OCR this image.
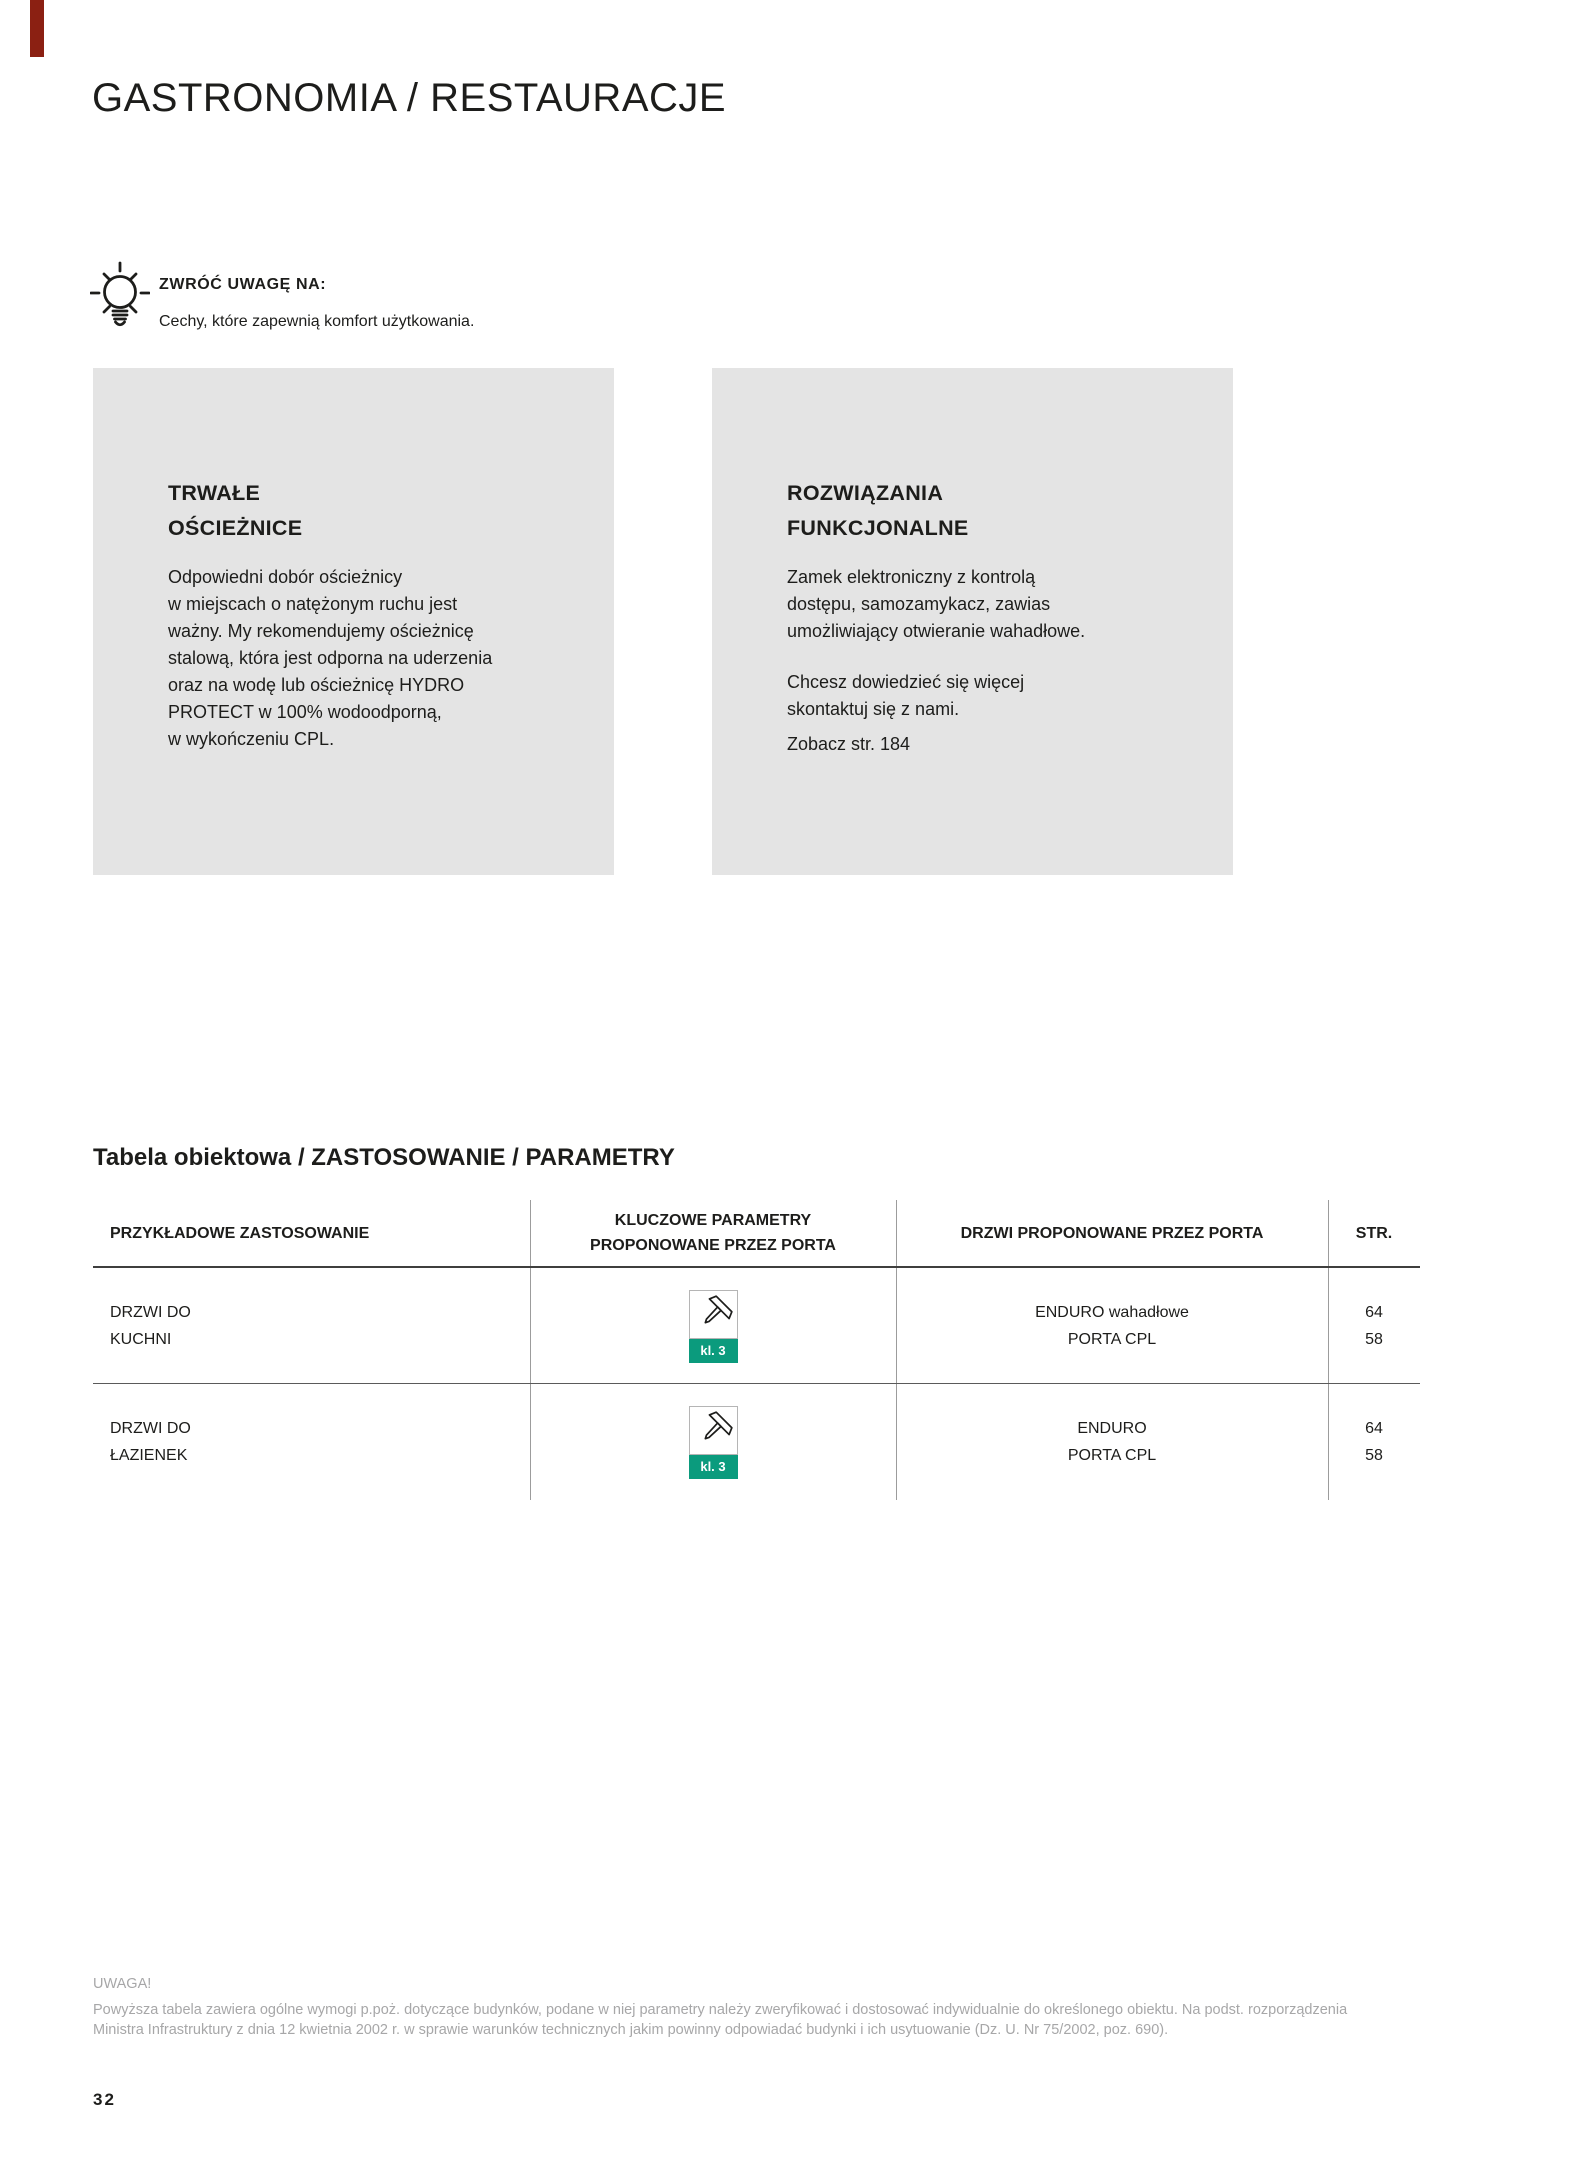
GASTRONOMIA / RESTAURACJE
ZWRÓĆ UWAGĘ NA:
Cechy, które zapewnią komfort użytkowania.
TRWAŁE
OŚCIEŻNICE

Odpowiedni dobór ościeżnicy
w miejscach o natężonym ruchu jest
ważny. My rekomendujemy ościeżnicę
stalową, która jest odporna na uderzenia
oraz na wodę lub ościeżnicę HYDRO
PROTECT w 100% wodoodporną,
w wykończeniu CPL.

ROZWIĄZANIA
FUNKCJONALNE

Zamek elektroniczny z kontrolą
dostępu, samozamykacz, zawias
umożliwiający otwieranie wahadłowe.

Chcesz dowiedzieć się więcej
skontaktuj się z nami.

Zobacz str. 184
Tabela obiektowa / ZASTOSOWANIE / PARAMETRY
PRZYKŁADOWE ZASTOSOWANIE
KLUCZOWE PARAMETRY
PROPONOWANE PRZEZ PORTA
DRZWI PROPONOWANE PRZEZ PORTA	STR.
DRZWI DO
KUCHNI
kl. 3
ENDURO wahadłowe
PORTA CPL
64
58
DRZWI DO
ŁAZIENEK
kl. 3
ENDURO
PORTA CPL
64
58
UWAGA!
Powyższa tabela zawiera ogólne wymogi p.poż. dotyczące budynków, podane w niej parametry należy zweryfikować i dostosować indywidualnie do określonego obiektu. Na podst. rozporządzenia
Ministra Infrastruktury z dnia 12 kwietnia 2002 r. w sprawie warunków technicznych jakim powinny odpowiadać budynki i ich usytuowanie (Dz. U. Nr 75/2002, poz. 690).
32
